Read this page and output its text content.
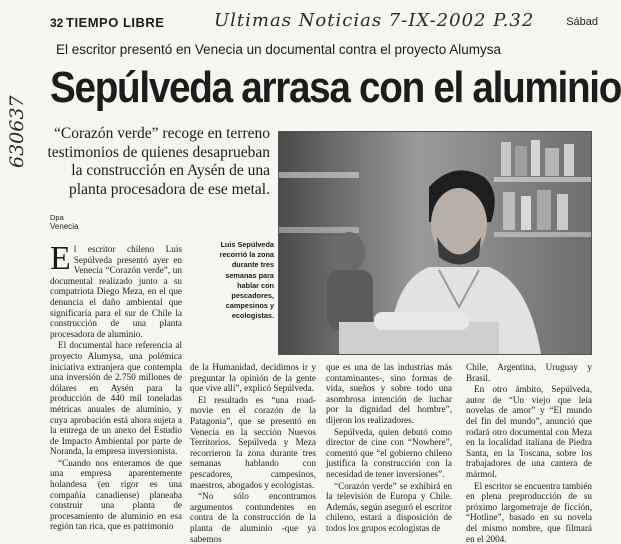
32 TIEMPO LIBRE	Ultimas Noticias 7-IX-2002 P.32	Sábad
630637
El escritor presentó en Venecia un documental contra el proyecto Alumysa
Sepúlveda arrasa con el aluminio
“Corazón verde” recoge en terreno testimonios de quienes desaprueban la construcción en Aysén de una planta procesadora de ese metal.
Dpa
Venecia
Luis Sepúlveda recorrió la zona durante tres semanas para hablar con pescadores, campesinos y ecologistas.

El escritor chileno Luis Sepúlveda presentó ayer en Venecia “Corazón verde”, un documental realizado junto a su compatriota Diego Meza, en el que denuncia el daño ambiental que significaría para el sur de Chile la construcción de una planta procesadora de aluminio.

El documental hace referencia al proyecto Alumysa, una polémica iniciativa extranjera que contempla una inversión de 2.750 millones de dólares en Aysén para la producción de 440 mil toneladas métricas anuales de aluminio, y cuya aprobación está ahora sujeta a la entrega de un anexo del Estudio de Impacto Ambiental por parte de Noranda, la empresa inversionista.

“Cuando nos enteramos de que una empresa aparentemente holandesa (en rigor es una compañía canadiense) planeaba construir una planta de procesamiento de aluminio en esa región tan rica, que es patrimonio

de la Humanidad, decidimos ir y preguntar la opinión de la gente que vive allí”, explicó Sepúlveda.

El resultado es “una road-movie en el corazón de la Patagonia”, que se presentó en Venecia en la sección Nuevos Territorios. Sepúlveda y Meza recorrieron la zona durante tres semanas hablando con pescadores, campesinos, maestros, abogados y ecologistas.

“No sólo encontramos argumentos contundentes en contra de la construcción de la planta de aluminio -que ya sabemos

que es una de las industrias más contaminantes-, sino formas de vida, sueños y sobre todo una asombrosa intención de luchar por la dignidad del hombre”, dijeron los realizadores.

Sepúlveda, quien debutó como director de cine con “Nowhere”, comentó que “el gobierno chileno justifica la construcción con la necesidad de tener inversiones”.

“Corazón verde” se exhibirá en la televisión de Europa y Chile. Además, según aseguró el escritor chileno, estará a disposición de todos los grupos ecologistas de

Chile, Argentina, Uruguay y Brasil.

En otro ámbito, Sepúlveda, autor de “Un viejo que leía novelas de amor” y “El mundo del fin del mundo”, anunció que rodará otro documental con Meza en la localidad italiana de Piedra Santa, en la Toscana, sobre los trabajadores de una cantera de mármol.

El escritor se encuentra también en plena preproducción de su próximo largometraje de ficción, “Hotline”, basado en su novela del mismo nombre, que filmará en el 2004.
